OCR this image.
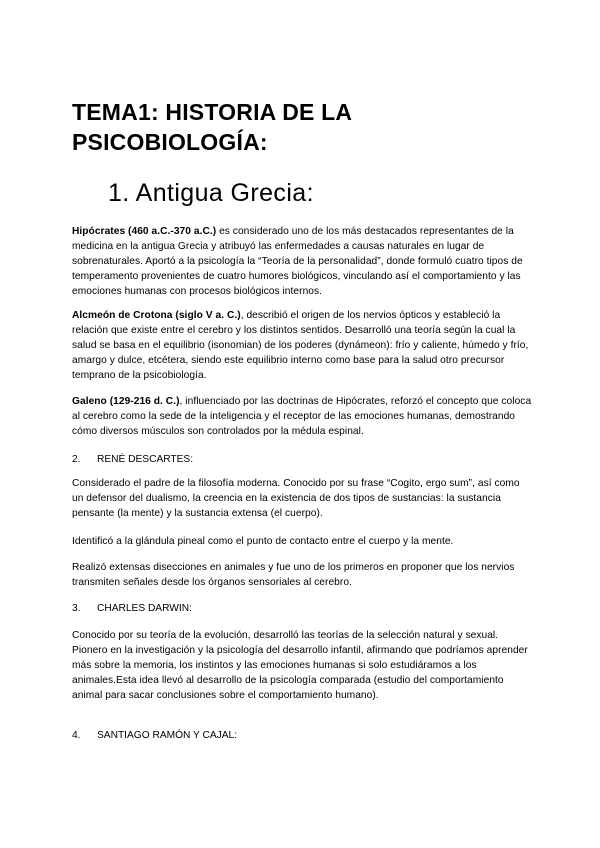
TEMA1: HISTORIA DE LA PSICOBIOLOGÍA:
1. Antigua Grecia:

Hipócrates (460 a.C.-370 a.C.) es considerado uno de los más destacados representantes de la medicina en la antigua Grecia y atribuyó las enfermedades a causas naturales en lugar de sobrenaturales. Aportó a la psicología la “Teoría de la personalidad”, donde formuló cuatro tipos de temperamento provenientes de cuatro humores biológicos, vinculando así el comportamiento y las emociones humanas con procesos biológicos internos.

Alcmeón de Crotona (siglo V a. C.), describió el origen de los nervios ópticos y estableció la relación que existe entre el cerebro y los distintos sentidos. Desarrolló una teoría según la cual la salud se basa en el equilibrio (isonomian) de los poderes (dynámeon): frío y caliente, húmedo y frío, amargo y dulce, etcétera, siendo este equilibrio interno como base para la salud otro precursor temprano de la psicobiología.

Galeno (129-216 d. C.), influenciado por las doctrinas de Hipócrates, reforzó el concepto que coloca al cerebro como la sede de la inteligencia y el receptor de las emociones humanas, demostrando cómo diversos músculos son controlados por la médula espinal.

2. RENÉ DESCARTES:

Considerado el padre de la filosofía moderna. Conocido por su frase “Cogito, ergo sum”, así como un defensor del dualismo, la creencia en la existencia de dos tipos de sustancias: la sustancia pensante (la mente) y la sustancia extensa (el cuerpo).

Identificó a la glándula pineal como el punto de contacto entre el cuerpo y la mente.

Realizó extensas disecciones en animales y fue uno de los primeros en proponer que los nervios transmiten señales desde los órganos sensoriales al cerebro.

3. CHARLES DARWIN:

Conocido por su teoría de la evolución, desarrolló las teorías de la selección natural y sexual. Pionero en la investigación y la psicología del desarrollo infantil, afirmando que podríamos aprender más sobre la memoria, los instintos y las emociones humanas si solo estudiáramos a los animales.Esta idea llevó al desarrollo de la psicología comparada (estudio del comportamiento animal para sacar conclusiones sobre el comportamiento humano).

4. SANTIAGO RAMÓN Y CAJAL:
